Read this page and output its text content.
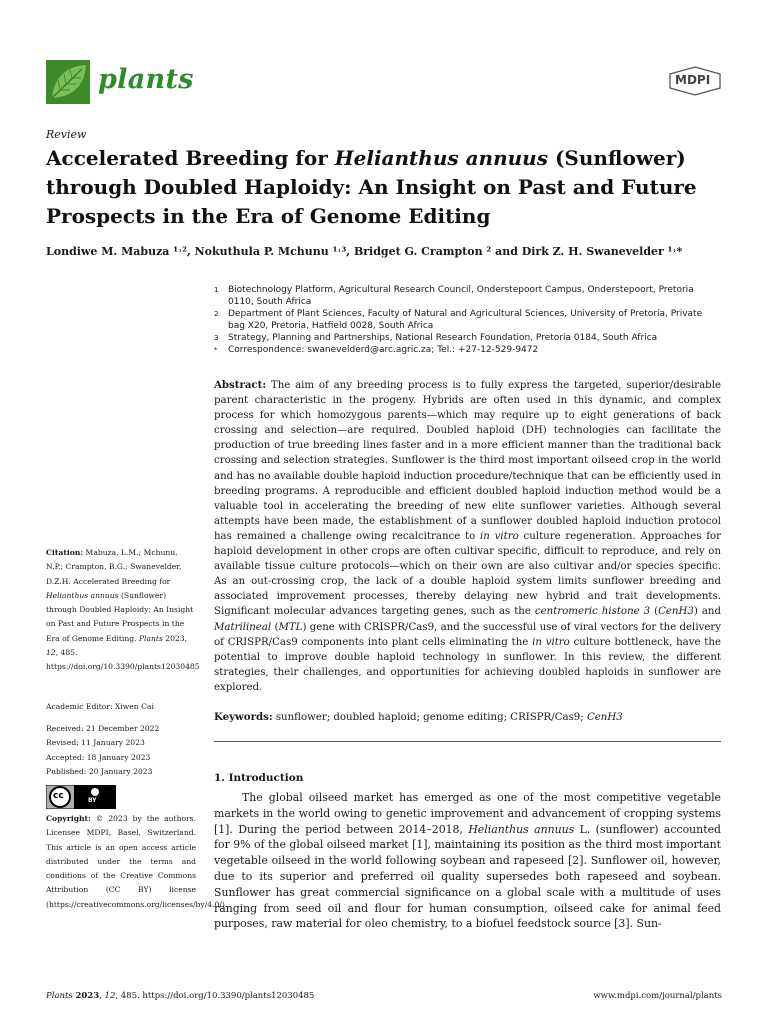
plants	MDPI
Review
Accelerated Breeding for Helianthus annuus (Sunflower) through Doubled Haploidy: An Insight on Past and Future Prospects in the Era of Genome Editing
Londiwe M. Mabuza ¹˒², Nokuthula P. Mchunu ¹˒³, Bridget G. Crampton ² and Dirk Z. H. Swanevelder ¹˒*
1	Biotechnology Platform, Agricultural Research Council, Onderstepoort Campus, Onderstepoort, Pretoria 0110, South Africa
2	Department of Plant Sciences, Faculty of Natural and Agricultural Sciences, University of Pretoria, Private bag X20, Pretoria, Hatfield 0028, South Africa
3	Strategy, Planning and Partnerships, National Research Foundation, Pretoria 0184, South Africa
*	Correspondence: swanevelderd@arc.agric.za; Tel.: +27-12-529-9472
Abstract: The aim of any breeding process is to fully express the targeted, superior/desirable parent characteristic in the progeny. Hybrids are often used in this dynamic, and complex process for which homozygous parents—which may require up to eight generations of back crossing and selection—are required. Doubled haploid (DH) technologies can facilitate the production of true breeding lines faster and in a more efficient manner than the traditional back crossing and selection strategies. Sunflower is the third most important oilseed crop in the world and has no available double haploid induction procedure/technique that can be efficiently used in breeding programs. A reproducible and efficient doubled haploid induction method would be a valuable tool in accelerating the breeding of new elite sunflower varieties. Although several attempts have been made, the establishment of a sunflower doubled haploid induction protocol has remained a challenge owing recalcitrance to in vitro culture regeneration. Approaches for haploid development in other crops are often cultivar specific, difficult to reproduce, and rely on available tissue culture protocols—which on their own are also cultivar and/or species specific. As an out-crossing crop, the lack of a double haploid system limits sunflower breeding and associated improvement processes, thereby delaying new hybrid and trait developments. Significant molecular advances targeting genes, such as the centromeric histone 3 (CenH3) and Matrilineal (MTL) gene with CRISPR/Cas9, and the successful use of viral vectors for the delivery of CRISPR/Cas9 components into plant cells eliminating the in vitro culture bottleneck, have the potential to improve double haploid technology in sunflower. In this review, the different strategies, their challenges, and opportunities for achieving doubled haploids in sunflower are explored.
Keywords: sunflower; doubled haploid; genome editing; CRISPR/Cas9; CenH3
Citation: Mabuza, L.M.; Mchunu, N.P.; Crampton, B.G.; Swanevelder, D.Z.H. Accelerated Breeding for Helianthus annuus (Sunflower) through Doubled Haploidy: An Insight on Past and Future Prospects in the Era of Genome Editing. Plants 2023, 12, 485. https://doi.org/10.3390/plants12030485
Academic Editor: Xiwen Cai
Received: 21 December 2022
Revised: 11 January 2023
Accepted: 18 January 2023
Published: 20 January 2023
BY
cc
Copyright: © 2023 by the authors. Licensee MDPI, Basel, Switzerland. This article is an open access article distributed under the terms and conditions of the Creative Commons Attribution (CC BY) license (https://creativecommons.org/licenses/by/4.0/).
1. Introduction
The global oilseed market has emerged as one of the most competitive vegetable markets in the world owing to genetic improvement and advancement of cropping systems [1]. During the period between 2014–2018, Helianthus annuus L. (sunflower) accounted for 9% of the global oilseed market [1], maintaining its position as the third most important vegetable oilseed in the world following soybean and rapeseed [2]. Sunflower oil, however, due to its superior and preferred oil quality supersedes both rapeseed and soybean. Sunflower has great commercial significance on a global scale with a multitude of uses ranging from seed oil and flour for human consumption, oilseed cake for animal feed purposes, raw material for oleo chemistry, to a biofuel feedstock source [3]. Sun-
Plants 2023, 12, 485. https://doi.org/10.3390/plants12030485	www.mdpi.com/journal/plants
